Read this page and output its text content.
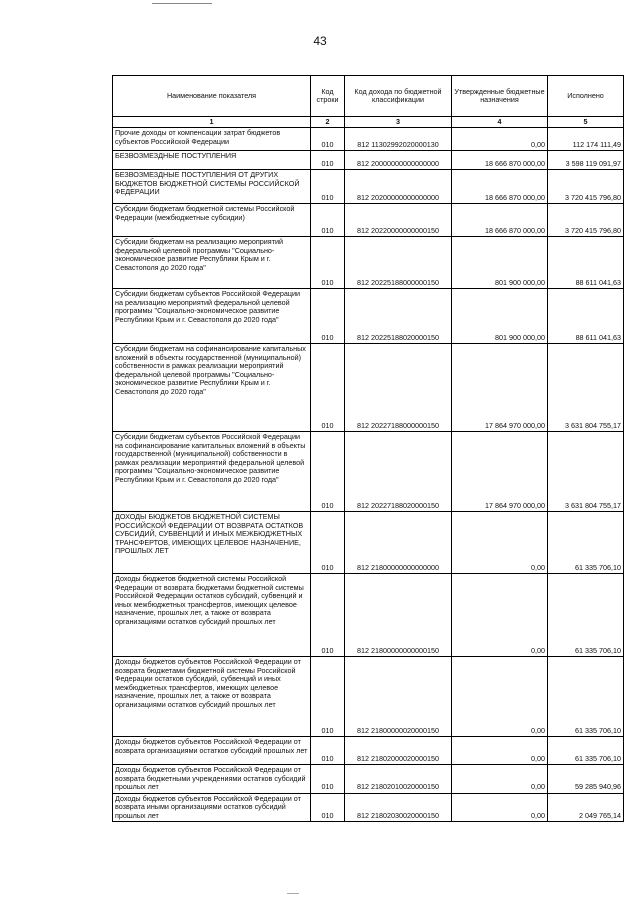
43
Наименование показателя	Код строки	Код дохода по бюджетной классификации	Утвержденные бюджетные назначения	Исполнено
1	2	3	4	5
Прочие доходы от компенсации затрат бюджетов субъектов Российской Федерации	010	812 11302992020000130	0,00	112 174 111,49
БЕЗВОЗМЕЗДНЫЕ ПОСТУПЛЕНИЯ	010	812 20000000000000000	18 666 870 000,00	3 598 119 091,97
БЕЗВОЗМЕЗДНЫЕ ПОСТУПЛЕНИЯ ОТ ДРУГИХ БЮДЖЕТОВ БЮДЖЕТНОЙ СИСТЕМЫ РОССИЙСКОЙ ФЕДЕРАЦИИ	010	812 20200000000000000	18 666 870 000,00	3 720 415 796,80
Субсидии бюджетам бюджетной системы Российской Федерации (межбюджетные субсидии)	010	812 20220000000000150	18 666 870 000,00	3 720 415 796,80
Субсидии бюджетам на реализацию мероприятий федеральной целевой программы "Социально-экономическое развитие Республики Крым и г. Севастополя до 2020 года"	010	812 20225188000000150	801 900 000,00	88 611 041,63
Субсидии бюджетам субъектов Российской Федерации на реализацию мероприятий федеральной целевой программы "Социально-экономическое развитие Республики Крым и г. Севастополя до 2020 года"	010	812 20225188020000150	801 900 000,00	88 611 041,63
Субсидии бюджетам на софинансирование капитальных вложений в объекты государственной (муниципальной) собственности в рамках реализации мероприятий федеральной целевой программы "Социально-экономическое развитие Республики Крым и г. Севастополя до 2020 года"	010	812 20227188000000150	17 864 970 000,00	3 631 804 755,17
Субсидии бюджетам субъектов Российской Федерации на софинансирование капитальных вложений в объекты государственной (муниципальной) собственности в рамках реализации мероприятий федеральной целевой программы "Социально-экономическое развитие Республики Крым и г. Севастополя до 2020 года"	010	812 20227188020000150	17 864 970 000,00	3 631 804 755,17
ДОХОДЫ БЮДЖЕТОВ БЮДЖЕТНОЙ СИСТЕМЫ РОССИЙСКОЙ ФЕДЕРАЦИИ ОТ ВОЗВРАТА ОСТАТКОВ СУБСИДИЙ, СУБВЕНЦИЙ И ИНЫХ МЕЖБЮДЖЕТНЫХ ТРАНСФЕРТОВ, ИМЕЮЩИХ ЦЕЛЕВОЕ НАЗНАЧЕНИЕ, ПРОШЛЫХ ЛЕТ	010	812 21800000000000000	0,00	61 335 706,10
Доходы бюджетов бюджетной системы Российской Федерации от возврата бюджетами бюджетной системы Российской Федерации остатков субсидий, субвенций и иных межбюджетных трансфертов, имеющих целевое назначение, прошлых лет, а также от возврата организациями остатков субсидий прошлых лет	010	812 21800000000000150	0,00	61 335 706,10
Доходы бюджетов субъектов Российской Федерации от возврата бюджетами бюджетной системы Российской Федерации остатков субсидий, субвенций и иных межбюджетных трансфертов, имеющих целевое назначение, прошлых лет, а также от возврата организациями остатков субсидий прошлых лет	010	812 21800000020000150	0,00	61 335 706,10
Доходы бюджетов субъектов Российской Федерации от возврата организациями остатков субсидий прошлых лет	010	812 21802000020000150	0,00	61 335 706,10
Доходы бюджетов субъектов Российской Федерации от возврата бюджетными учреждениями остатков субсидий прошлых лет	010	812 21802010020000150	0,00	59 285 940,96
Доходы бюджетов субъектов Российской Федерации от возврата иными организациями остатков субсидий прошлых лет	010	812 21802030020000150	0,00	2 049 765,14
